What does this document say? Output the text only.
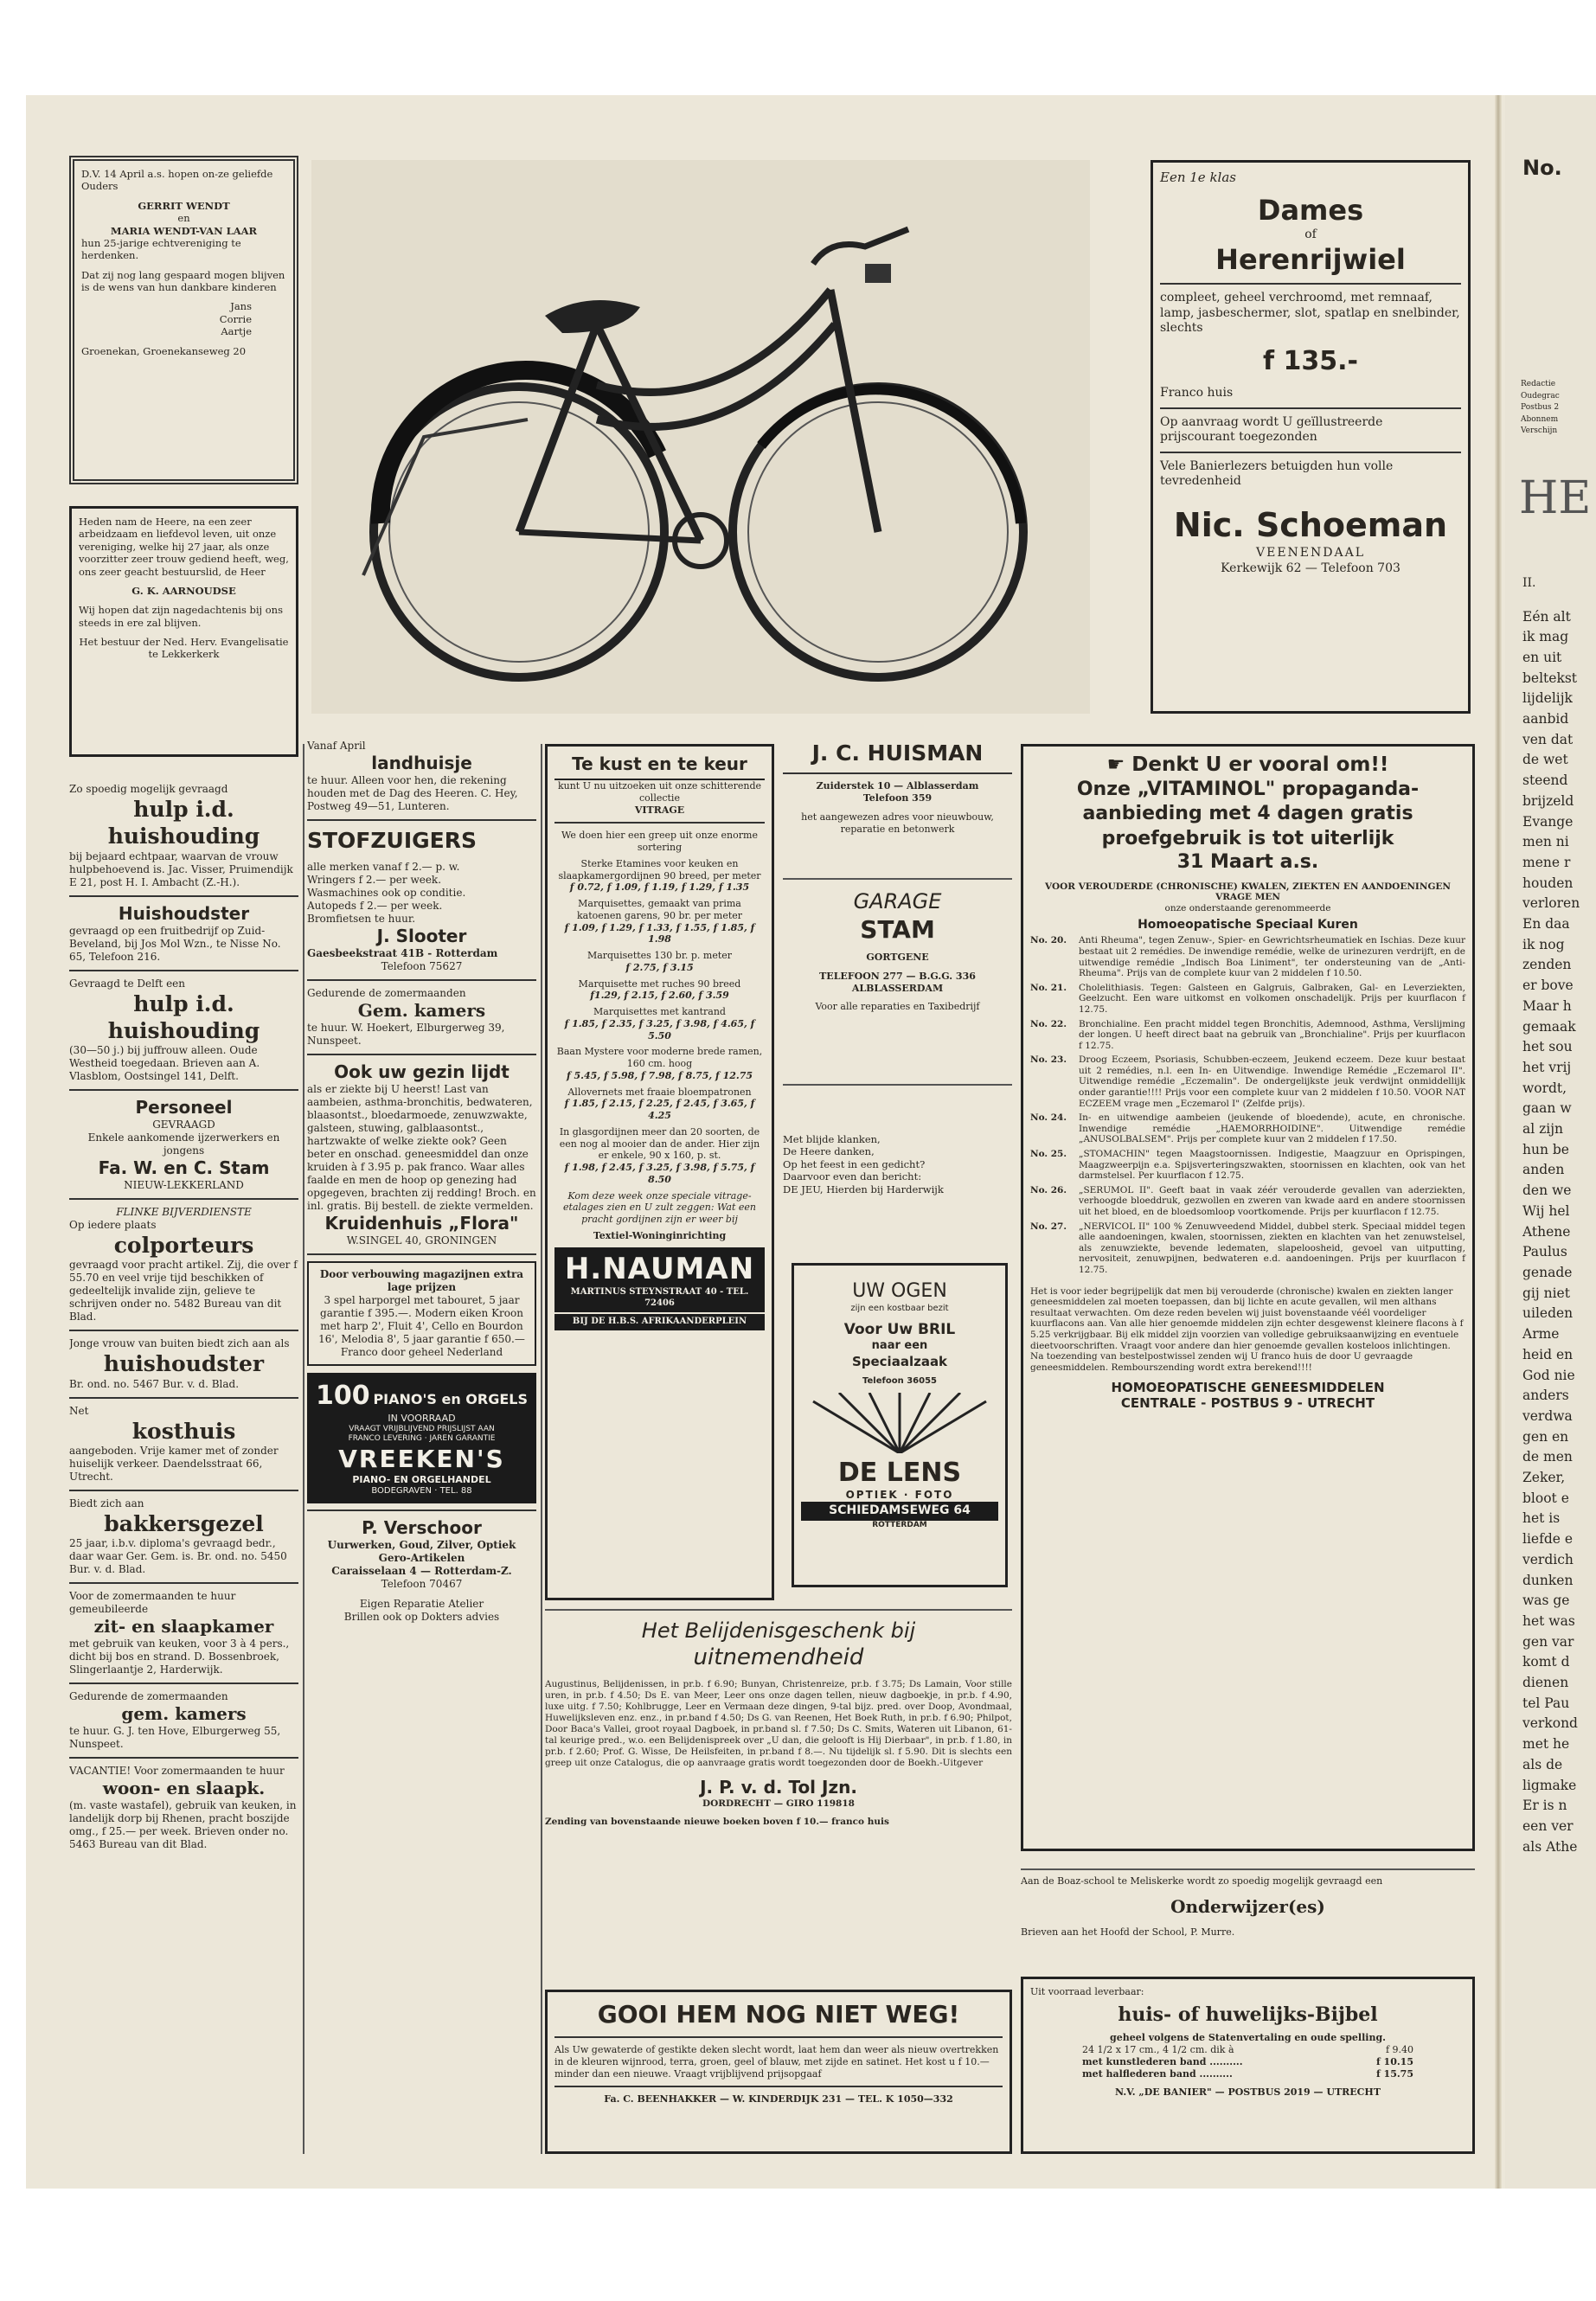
D.V. 14 April a.s. hopen on-ze geliefde Ouders
GERRIT WENDT
en
MARIA WENDT-VAN LAAR
hun 25-jarige echtvereniging te herdenken.
Dat zij nog lang gespaard mogen blijven is de wens van hun dankbare kinderen
Jans
Corrie
Aartje
Groenekan, Groenekanseweg 20
Heden nam de Heere, na een zeer arbeidzaam en liefdevol leven, uit onze vereniging, welke hij 27 jaar, als onze voorzitter zeer trouw gediend heeft, weg, ons zeer geacht bestuurslid, de Heer
G. K. AARNOUDSE
Wij hopen dat zijn nagedachtenis bij ons steeds in ere zal blijven.
Het bestuur der Ned. Herv. Evangelisatie te Lekkerkerk
Een 1e klas
Dames
of
Herenrijwiel
compleet, geheel verchroomd, met remnaaf, lamp, jasbeschermer, slot, spatlap en snelbinder, slechts
f 135.-
Franco huis
Op aanvraag wordt U geïllustreerde prijscourant toegezonden
Vele Banierlezers betuigden hun volle tevredenheid
Nic. Schoeman
VEENENDAAL
Kerkewijk 62 — Telefoon 703
Zo spoedig mogelijk gevraagd
hulp i.d. huishouding
bij bejaard echtpaar, waarvan de vrouw hulpbehoevend is. Jac. Visser, Pruimendijk E 21, post H. I. Ambacht (Z.-H.).
Huishoudster
gevraagd op een fruitbedrijf op Zuid-Beveland, bij Jos Mol Wzn., te Nisse No. 65, Telefoon 216.
Gevraagd te Delft een
hulp i.d. huishouding
(30—50 j.) bij juffrouw alleen. Oude Westheid toegedaan. Brieven aan A. Vlasblom, Oostsingel 141, Delft.
Personeel
GEVRAAGD
Enkele aankomende ijzerwerkers en jongens
Fa. W. en C. Stam
NIEUW-LEKKERLAND
FLINKE BIJVERDIENSTE
Op iedere plaats
colporteurs
gevraagd voor pracht artikel. Zij, die over f 55.70 en veel vrije tijd beschikken of gedeeltelijk invalide zijn, gelieve te schrijven onder no. 5482 Bureau van dit Blad.
Jonge vrouw van buiten biedt zich aan als
huishoudster
Br. ond. no. 5467 Bur. v. d. Blad.
Net
kosthuis
aangeboden. Vrije kamer met of zonder huiselijk verkeer. Daendelsstraat 66, Utrecht.
Biedt zich aan
bakkersgezel
25 jaar, i.b.v. diploma's gevraagd bedr., daar waar Ger. Gem. is. Br. ond. no. 5450 Bur. v. d. Blad.
Voor de zomermaanden te huur gemeubileerde
zit- en slaapkamer
met gebruik van keuken, voor 3 à 4 pers., dicht bij bos en strand. D. Bossenbroek, Slingerlaantje 2, Harderwijk.
Gedurende de zomermaanden
gem. kamers
te huur. G. J. ten Hove, Elburgerweg 55, Nunspeet.
VACANTIE! Voor zomermaanden te huur
woon- en slaapk.
(m. vaste wastafel), gebruik van keuken, in landelijk dorp bij Rhenen, pracht boszijde omg., f 25.— per week. Brieven onder no. 5463 Bureau van dit Blad.
Vanaf April
landhuisje
te huur. Alleen voor hen, die rekening houden met de Dag des Heeren. C. Hey, Postweg 49—51, Lunteren.
STOFZUIGERS
alle merken vanaf f 2.— p. w.
Wringers f 2.— per week.
Wasmachines ook op conditie.
Autopeds f 2.— per week.
Bromfietsen te huur.
J. Slooter
Gaesbeekstraat 41B - Rotterdam
Telefoon 75627
Gedurende de zomermaanden
Gem. kamers
te huur. W. Hoekert, Elburgerweg 39, Nunspeet.
Ook uw gezin lijdt
als er ziekte bij U heerst! Last van aambeien, asthma-bronchitis, bedwateren, blaasontst., bloedarmoede, zenuwzwakte, galsteen, stuwing, galblaasontst., hartzwakte of welke ziekte ook? Geen beter en onschad. geneesmiddel dan onze kruiden à f 3.95 p. pak franco. Waar alles faalde en men de hoop op genezing had opgegeven, brachten zij redding! Broch. en inl. gratis. Bij bestell. de ziekte vermelden.
Kruidenhuis „Flora"
W.SINGEL 40, GRONINGEN
Door verbouwing magazijnen extra lage prijzen
3 spel harporgel met tabouret, 5 jaar garantie f 395.—. Modern eiken Kroon met harp 2', Fluit 4', Cello en Bourdon 16', Melodia 8', 5 jaar garantie f 650.—
Franco door geheel Nederland
100 PIANO'S en ORGELS
IN VOORRAAD
VRAAGT VRIJBLIJVEND PRIJSLIJST AAN
FRANCO LEVERING · JAREN GARANTIE
VREEKEN'S
PIANO- EN ORGELHANDEL
BODEGRAVEN · TEL. 88
P. Verschoor
Uurwerken, Goud, Zilver, Optiek
Gero-Artikelen
Caraisselaan 4 — Rotterdam-Z.
Telefoon 70467
Eigen Reparatie Atelier
Brillen ook op Dokters advies
Te kust en te keur
kunt U nu uitzoeken uit onze schitterende collectie
VITRAGE
We doen hier een greep uit onze enorme sortering
Sterke Etamines voor keuken en slaapkamergordijnen 90 breed, per meter
f 0.72, f 1.09, f 1.19, f 1.29, f 1.35
Marquisettes, gemaakt van prima katoenen garens, 90 br. per meter
f 1.09, f 1.29, f 1.33, f 1.55, f 1.85, f 1.98
Marquisettes 130 br. p. meter
f 2.75, f 3.15
Marquisette met ruches 90 breed
f1.29, f 2.15, f 2.60, f 3.59
Marquisettes met kantrand
f 1.85, f 2.35, f 3.25, f 3.98, f 4.65, f 5.50
Baan Mystere voor moderne brede ramen, 160 cm. hoog
f 5.45, f 5.98, f 7.98, f 8.75, f 12.75
Allovernets met fraaie bloempatronen
f 1.85, f 2.15, f 2.25, f 2.45, f 3.65, f 4.25
In glasgordijnen meer dan 20 soorten, de een nog al mooier dan de ander. Hier zijn er enkele, 90 x 160, p. st.
f 1.98, f 2.45, f 3.25, f 3.98, f 5.75, f 8.50
Kom deze week onze speciale vitrage-etalages zien en U zult zeggen: Wat een pracht gordijnen zijn er weer bij
Textiel-Woninginrichting
H.NAUMAN
MARTINUS STEYNSTRAAT 40 - TEL. 72406
BIJ DE H.B.S. AFRIKAANDERPLEIN
J. C. HUISMAN
Zuiderstek 10 — Alblasserdam
Telefoon 359
het aangewezen adres voor nieuwbouw, reparatie en betonwerk
GARAGE
STAM
GORTGENE
TELEFOON 277 — B.G.G. 336
ALBLASSERDAM
Voor alle reparaties en Taxibedrijf
Met blijde klanken,
De Heere danken,
Op het feest in een gedicht?
Daarvoor even dan bericht:
DE JEU, Hierden bij Harderwijk
UW OGEN
zijn een kostbaar bezit
Voor Uw BRIL
naar een
Speciaalzaak
Telefoon 36055
DE LENS
OPTIEK · FOTO
SCHIEDAMSEWEG 64
ROTTERDAM
☛ Denkt U er vooral om!!
Onze „VITAMINOL" propaganda-aanbieding met 4 dagen gratis proefgebruik is tot uiterlijk
31 Maart a.s.
VOOR VEROUDERDE (CHRONISCHE) KWALEN, ZIEKTEN EN AANDOENINGEN VRAGE MEN
onze onderstaande gerenommeerde
Homoeopatische Speciaal Kuren
No. 20.	Anti Rheuma", tegen Zenuw-, Spier- en Gewrichtsrheumatiek en Ischias. Deze kuur bestaat uit 2 remédies. De inwendige remédie, welke de urinezuren verdrijft, en de uitwendige remédie „Indisch Boa Liniment", ter ondersteuning van de „Anti-Rheuma". Prijs van de complete kuur van 2 middelen f 10.50.
No. 21.	Cholelithiasis. Tegen: Galsteen en Galgruis, Galbraken, Gal- en Leverziekten, Geelzucht. Een ware uitkomst en volkomen onschadelijk. Prijs per kuurflacon f 12.75.
No. 22.	Bronchialine. Een pracht middel tegen Bronchitis, Ademnood, Asthma, Verslijming der longen. U heeft direct baat na gebruik van „Bronchialine". Prijs per kuurflacon f 12.75.
No. 23.	Droog Eczeem, Psoriasis, Schubben-eczeem, Jeukend eczeem. Deze kuur bestaat uit 2 remédies, n.l. een In- en Uitwendige. Inwendige Remédie „Eczemarol II". Uitwendige remédie „Eczemalin". De ondergelijkste jeuk verdwijnt onmiddellijk onder garantie!!!! Prijs voor een complete kuur van 2 middelen f 10.50. VOOR NAT ECZEEM vrage men „Eczemarol I" (Zelfde prijs).
No. 24.	In- en uitwendige aambeien (jeukende of bloedende), acute, en chronische. Inwendige remédie „HAEMORRHOIDINE". Uitwendige remédie „ANUSOLBALSEM". Prijs per complete kuur van 2 middelen f 17.50.
No. 25.	„STOMACHIN" tegen Maagstoornissen. Indigestie, Maagzuur en Oprispingen, Maagzweerpijn e.a. Spijsverteringszwakten, stoornissen en klachten, ook van het darmstelsel. Per kuurflacon f 12.75.
No. 26.	„SERUMOL II". Geeft baat in vaak zéér verouderde gevallen van aderziekten, verhoogde bloeddruk, gezwollen en zweren van kwade aard en andere stoornissen uit het bloed, en de bloedsomloop voortkomende. Prijs per kuurflacon f 12.75.
No. 27.	„NERVICOL II" 100 % Zenuwveedend Middel, dubbel sterk. Speciaal middel tegen alle aandoeningen, kwalen, stoornissen, ziekten en klachten van het zenuwstelsel, als zenuwziekte, bevende ledematen, slapeloosheid, gevoel van uitputting, nervositeit, zenuwpijnen, bedwateren e.d. aandoeningen. Prijs per kuurflacon f 12.75.
Het is voor ieder begrijpelijk dat men bij verouderde (chronische) kwalen en ziekten langer geneesmiddelen zal moeten toepassen, dan bij lichte en acute gevallen, wil men althans resultaat verwachten. Om deze reden bevelen wij juist bovenstaande véél voordeliger kuurflacons aan. Van alle hier genoemde middelen zijn echter desgewenst kleinere flacons à f 5.25 verkrijgbaar. Bij elk middel zijn voorzien van volledige gebruiksaanwijzing en eventuele dieetvoorschriften. Vraagt voor andere dan hier genoemde gevallen kosteloos inlichtingen. Na toezending van bestelpostwissel zenden wij U franco huis de door U gevraagde geneesmiddelen. Rembourszending wordt extra berekend!!!!
HOMOEOPATISCHE GENEESMIDDELEN
CENTRALE - POSTBUS 9 - UTRECHT
Het Belijdenisgeschenk bij
uitnemendheid
Augustinus, Belijdenissen, in pr.b. f 6.90; Bunyan, Christenreize, pr.b. f 3.75; Ds Lamain, Voor stille uren, in pr.b. f 4.50; Ds E. van Meer, Leer ons onze dagen tellen, nieuw dagboekje, in pr.b. f 4.90, luxe uitg. f 7.50; Kohlbrugge, Leer en Vermaan deze dingen, 9-tal bijz. pred. over Doop, Avondmaal, Huwelijksleven enz. enz., in pr.band f 4.50; Ds G. van Reenen, Het Boek Ruth, in pr.b. f 6.90; Philpot, Door Baca's Vallei, groot royaal Dagboek, in pr.band sl. f 7.50; Ds C. Smits, Wateren uit Libanon, 61-tal keurige pred., w.o. een Belijdenispreek over „U dan, die gelooft is Hij Dierbaar", in pr.b. f 1.80, in pr.b. f 2.60; Prof. G. Wisse, De Heilsfeiten, in pr.band f 8.—. Nu tijdelijk sl. f 5.90. Dit is slechts een greep uit onze Catalogus, die op aanvraage gratis wordt toegezonden door de Boekh.-Uitgever
J. P. v. d. Tol Jzn.
DORDRECHT — GIRO 119818
Zending van bovenstaande nieuwe boeken boven f 10.— franco huis
GOOI HEM NOG NIET WEG!
Als Uw gewaterde of gestikte deken slecht wordt, laat hem dan weer als nieuw overtrekken in de kleuren wijnrood, terra, groen, geel of blauw, met zijde en satinet. Het kost u f 10.— minder dan een nieuwe. Vraagt vrijblijvend prijsopgaaf
Fa. C. BEENHAKKER — W. KINDERDIJK 231 — TEL. K 1050—332
Aan de Boaz-school te Meliskerke wordt zo spoedig mogelijk gevraagd een
Onderwijzer(es)
Brieven aan het Hoofd der School, P. Murre.
Uit voorraad leverbaar:
huis- of huwelijks-Bijbel
geheel volgens de Statenvertaling en oude spelling.
24 1/2 x 17 cm., 4 1/2 cm. dik à	f 9.40
met kunstlederen band ..........	f 10.15
met halflederen band ..........	f 15.75
N.V. „DE BANIER" — POSTBUS 2019 — UTRECHT
No.
Redactie
Oudegrac
Postbus 2
Abonnem
Verschijn
HE
II.
Eén alt
ik mag
en uit
beltekst
lijdelijk
aanbid
ven dat
de wet
steend
brijzeld
Evange
men ni
mene r
houden
verloren
En daa
ik nog
zenden
er bove
Maar h
gemaak
het sou
het vrij
wordt,
gaan w
al zijn
hun be
anden
den we
Wij hel
Athene
Paulus
genade
gij niet
uileden
Arme
heid en
God nie
anders
verdwa
gen en
de men
Zeker,
bloot e
het is
liefde e
verdich
dunken
was ge
het was
gen var
komt d
dienen
tel Pau
verkond
met he
als de
ligmake
Er is n
een ver
als Athe
